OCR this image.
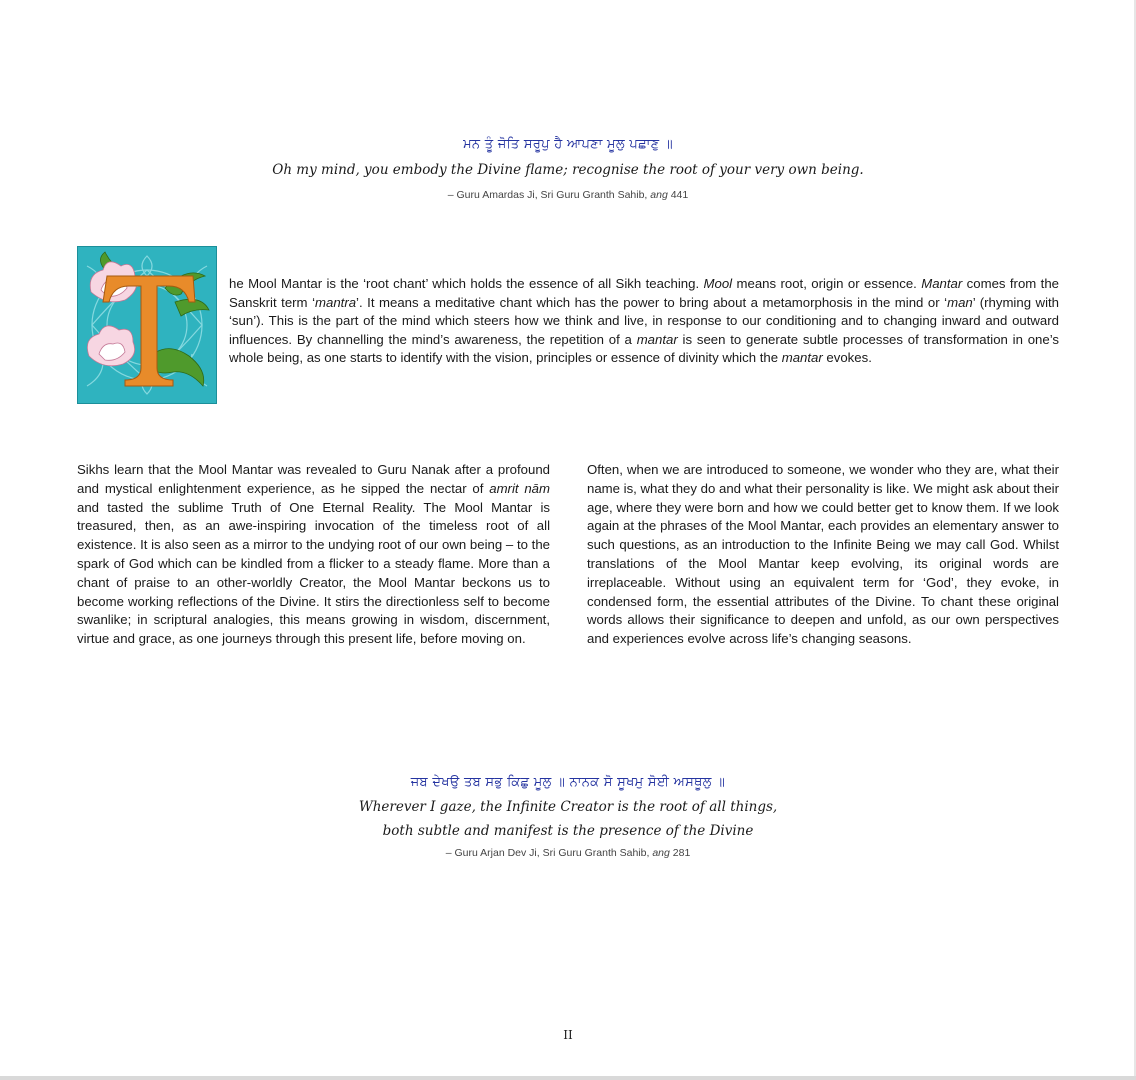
ਮਨ ਤੂੰ ਜੋਤਿ ਸਰੂਪੁ ਹੈ ਆਪਣਾ ਮੂਲੁ ਪਛਾਣੁ ॥
Oh my mind, you embody the Divine flame; recognise the root of your very own being.
– Guru Amardas Ji, Sri Guru Granth Sahib, ang 441
he Mool Mantar is the ‘root chant’ which holds the essence of all Sikh teaching. Mool means root, origin or essence. Mantar comes from the Sanskrit term ‘mantra’. It means a meditative chant which has the power to bring about a metamorphosis in the mind or ‘man’ (rhyming with ‘sun’). This is the part of the mind which steers how we think and live, in response to our conditioning and to changing inward and outward influences. By channelling the mind’s awareness, the repetition of a mantar is seen to generate subtle processes of transformation in one’s whole being, as one starts to identify with the vision, principles or essence of divinity which the mantar evokes.
Sikhs learn that the Mool Mantar was revealed to Guru Nanak after a profound and mystical enlightenment experience, as he sipped the nectar of amrit nām and tasted the sublime Truth of One Eternal Reality. The Mool Mantar is treasured, then, as an awe-inspiring invocation of the timeless root of all existence. It is also seen as a mirror to the undying root of our own being – to the spark of God which can be kindled from a flicker to a steady flame. More than a chant of praise to an other-worldly Creator, the Mool Mantar beckons us to become working reflections of the Divine. It stirs the directionless self to become swanlike; in scriptural analogies, this means growing in wisdom, discernment, virtue and grace, as one journeys through this present life, before moving on.
Often, when we are introduced to someone, we wonder who they are, what their name is, what they do and what their personality is like. We might ask about their age, where they were born and how we could better get to know them. If we look again at the phrases of the Mool Mantar, each provides an elementary answer to such questions, as an introduction to the Infinite Being we may call God. Whilst translations of the Mool Mantar keep evolving, its original words are irreplaceable. Without using an equivalent term for ‘God’, they evoke, in condensed form, the essential attributes of the Divine. To chant these original words allows their significance to deepen and unfold, as our own perspectives and experiences evolve across life’s changing seasons.
ਜਬ ਦੇਖਉ ਤਬ ਸਭੁ ਕਿਛੁ ਮੂਲੁ ॥ ਨਾਨਕ ਸੋ ਸੂਖਮੁ ਸੋਈ ਅਸਥੂਲੁ ॥
Wherever I gaze, the Infinite Creator is the root of all things,
both subtle and manifest is the presence of the Divine
– Guru Arjan Dev Ji, Sri Guru Granth Sahib, ang 281
II
